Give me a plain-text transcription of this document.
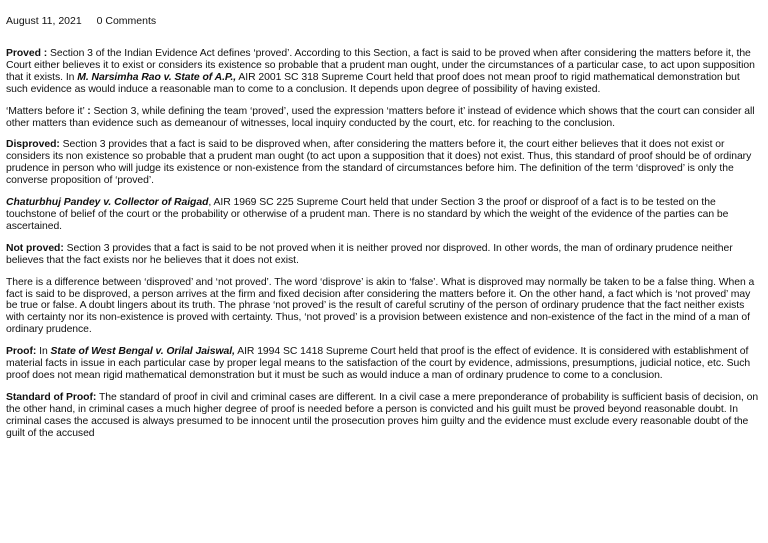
August 11, 2021 0 Comments

Proved : Section 3 of the Indian Evidence Act defines ‘proved’. According to this Section, a fact is said to be proved when after considering the matters before it, the Court either believes it to exist or considers its existence so probable that a prudent man ought, under the circumstances of a particular case, to act upon supposition that it exists. In M. Narsimha Rao v. State of A.P., AIR 2001 SC 318 Supreme Court held that proof does not mean proof to rigid mathematical demonstration but such evidence as would induce a reasonable man to come to a conclusion. It depends upon degree of possibility of having existed.

‘Matters before it’ : Section 3, while defining the team ‘proved’, used the expression ‘matters before it’ instead of evidence which shows that the court can consider all other matters than evidence such as demeanour of witnesses, local inquiry conducted by the court, etc. for reaching to the conclusion.

Disproved: Section 3 provides that a fact is said to be disproved when, after considering the matters before it, the court either believes that it does not exist or considers its non existence so probable that a prudent man ought (to act upon a supposition that it does) not exist. Thus, this standard of proof should be of ordinary prudence in person who will judge its existence or non-existence from the standard of circumstances before him. The definition of the term ‘disproved’ is only the converse proposition of ‘proved’.

Chaturbhuj Pandey v. Collector of Raigad, AIR 1969 SC 225 Supreme Court held that under Section 3 the proof or disproof of a fact is to be tested on the touchstone of belief of the court or the probability or otherwise of a prudent man. There is no standard by which the weight of the evidence of the parties can be ascertained.

Not proved: Section 3 provides that a fact is said to be not proved when it is neither proved nor disproved. In other words, the man of ordinary prudence neither believes that the fact exists nor he believes that it does not exist.

There is a difference between ‘disproved’ and ‘not proved’. The word ‘disprove’ is akin to ‘false’. What is disproved may normally be taken to be a false thing. When a fact is said to be disproved, a person arrives at the firm and fixed decision after considering the matters before it. On the other hand, a fact which is ‘not proved’ may be true or false. A doubt lingers about its truth. The phrase ‘not proved’ is the result of careful scrutiny of the person of ordinary prudence that the fact neither exists with certainty nor its non-existence is proved with certainty. Thus, ‘not proved’ is a provision between existence and non-existence of the fact in the mind of a man of ordinary prudence.

Proof: In State of West Bengal v. Orilal Jaiswal, AIR 1994 SC 1418 Supreme Court held that proof is the effect of evidence. It is considered with establishment of material facts in issue in each particular case by proper legal means to the satisfaction of the court by evidence, admissions, presumptions, judicial notice, etc. Such proof does not mean rigid mathematical demonstration but it must be such as would induce a man of ordinary prudence to come to a conclusion.

Standard of Proof: The standard of proof in civil and criminal cases are different. In a civil case a mere preponderance of probability is sufficient basis of decision, on the other hand, in criminal cases a much higher degree of proof is needed before a person is convicted and his guilt must be proved beyond reasonable doubt. In criminal cases the accused is always presumed to be innocent until the prosecution proves him guilty and the evidence must exclude every reasonable doubt of the guilt of the accused
